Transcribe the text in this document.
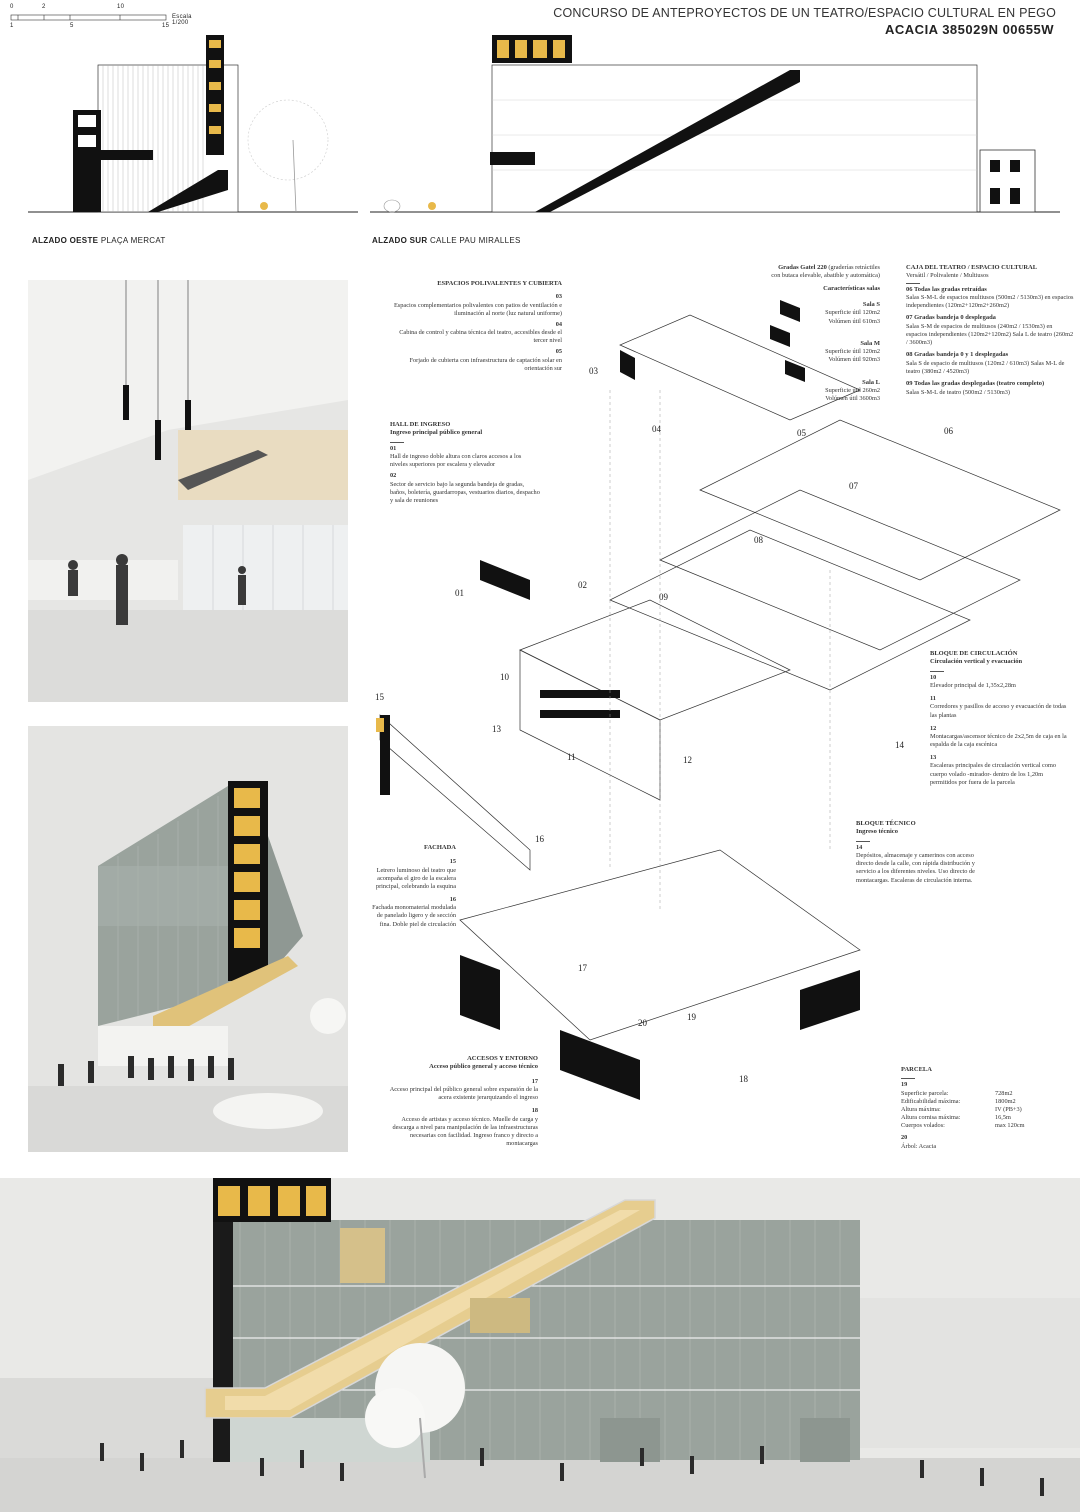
CONCURSO DE ANTEPROYECTOS DE UN TEATRO/ESPACIO CULTURAL EN PEGO
ACACIA 385029N 00655W
0	2	10
1	5	15
Escala 1/200
ALZADO OESTE PLAÇA MERCAT	ALZADO SUR CALLE PAU MIRALLES
01
02
03
04	05	06
07
08
09
10
11	12
13
14
15
16
17
18
19
20
ESPACIOS POLIVALENTES Y CUBIERTA
03
Espacios complementarios polivalentes con patios de ventilación e iluminación al norte (luz natural uniforme)
04
Cabina de control y cabina técnica del teatro, accesibles desde el tercer nivel
05
Forjado de cubierta con infraestructura de captación solar en orientación sur
HALL DE INGRESO
Ingreso principal público general
01
Hall de ingreso doble altura con claros accesos a los niveles superiores por escalera y elevador
02
Sector de servicio bajo la segunda bandeja de gradas, baños, boletería, guardarropas, vestuarios diarios, despacho y sala de reuniones
Gradas Gatel 220 (graderías retráctiles con butaca elevable, abatible y automática)
Características salas
Sala S
Superficie útil 120m2
Volúmen útil 610m3
Sala M
Superficie útil 120m2
Volúmen útil 920m3
Sala L
Superficie útil 260m2
Volúmen útil 3600m3
CAJA DEL TEATRO / ESPACIO CULTURAL
Versátil / Polivalente / Multiusos
06 Todas las gradas retraídas
Salas S-M-L de espacios multiusos (500m2 / 5130m3) en espacios independientes (120m2+120m2+260m2)
07 Gradas bandeja 0 desplegada
Salas S-M de espacios de multiusos (240m2 / 1530m3) en espacios independientes (120m2+120m2) Sala L de teatro (260m2 / 3600m3)
08 Gradas bandeja 0 y 1 desplegadas
Sala S de espacio de multiusos (120m2 / 610m3) Salas M-L de teatro (380m2 / 4520m3)
09 Todas las gradas desplegadas (teatro completo)
Salas S-M-L de teatro (500m2 / 5130m3)
BLOQUE DE CIRCULACIÓN
Circulación vertical y evacuación
10
Elevador principal de 1,35x2,28m
11
Corredores y pasillos de acceso y evacuación de todas las plantas
12
Montacargas/ascensor técnico de 2x2,5m de caja en la espalda de la caja escénica
13
Escaleras principales de circulación vertical como cuerpo volado -mirador- dentro de los 1,20m permitidos por fuera de la parcela
FACHADA
15
Letrero luminoso del teatro que acompaña el giro de la escalera principal, celebrando la esquina
16
Fachada monomaterial modulada de panelado ligero y de sección fina. Doble piel de circulación
BLOQUE TÉCNICO
Ingreso técnico
14
Depósitos, almacenaje y camerinos con acceso directo desde la calle, con rápida distribución y servicio a los diferentes niveles. Uso directo de montacargas. Escaleras de circulación interna.
ACCESOS Y ENTORNO
Acceso público general y acceso técnico
17
Acceso principal del público general sobre expansión de la acera existente jerarquizando el ingreso
18
Acceso de artistas y acceso técnico. Muelle de carga y descarga a nivel para manipulación de las infraestructuras necesarias con facilidad. Ingreso franco y directo a montacargas
PARCELA
19
Superficie parcela:	728m2
Edificabilidad máxima:	1800m2
Altura máxima:	IV (PB+3)
Altura cornisa máxima:	16,5m
Cuerpos volados:	max 120cm
20
Árbol: Acacia
